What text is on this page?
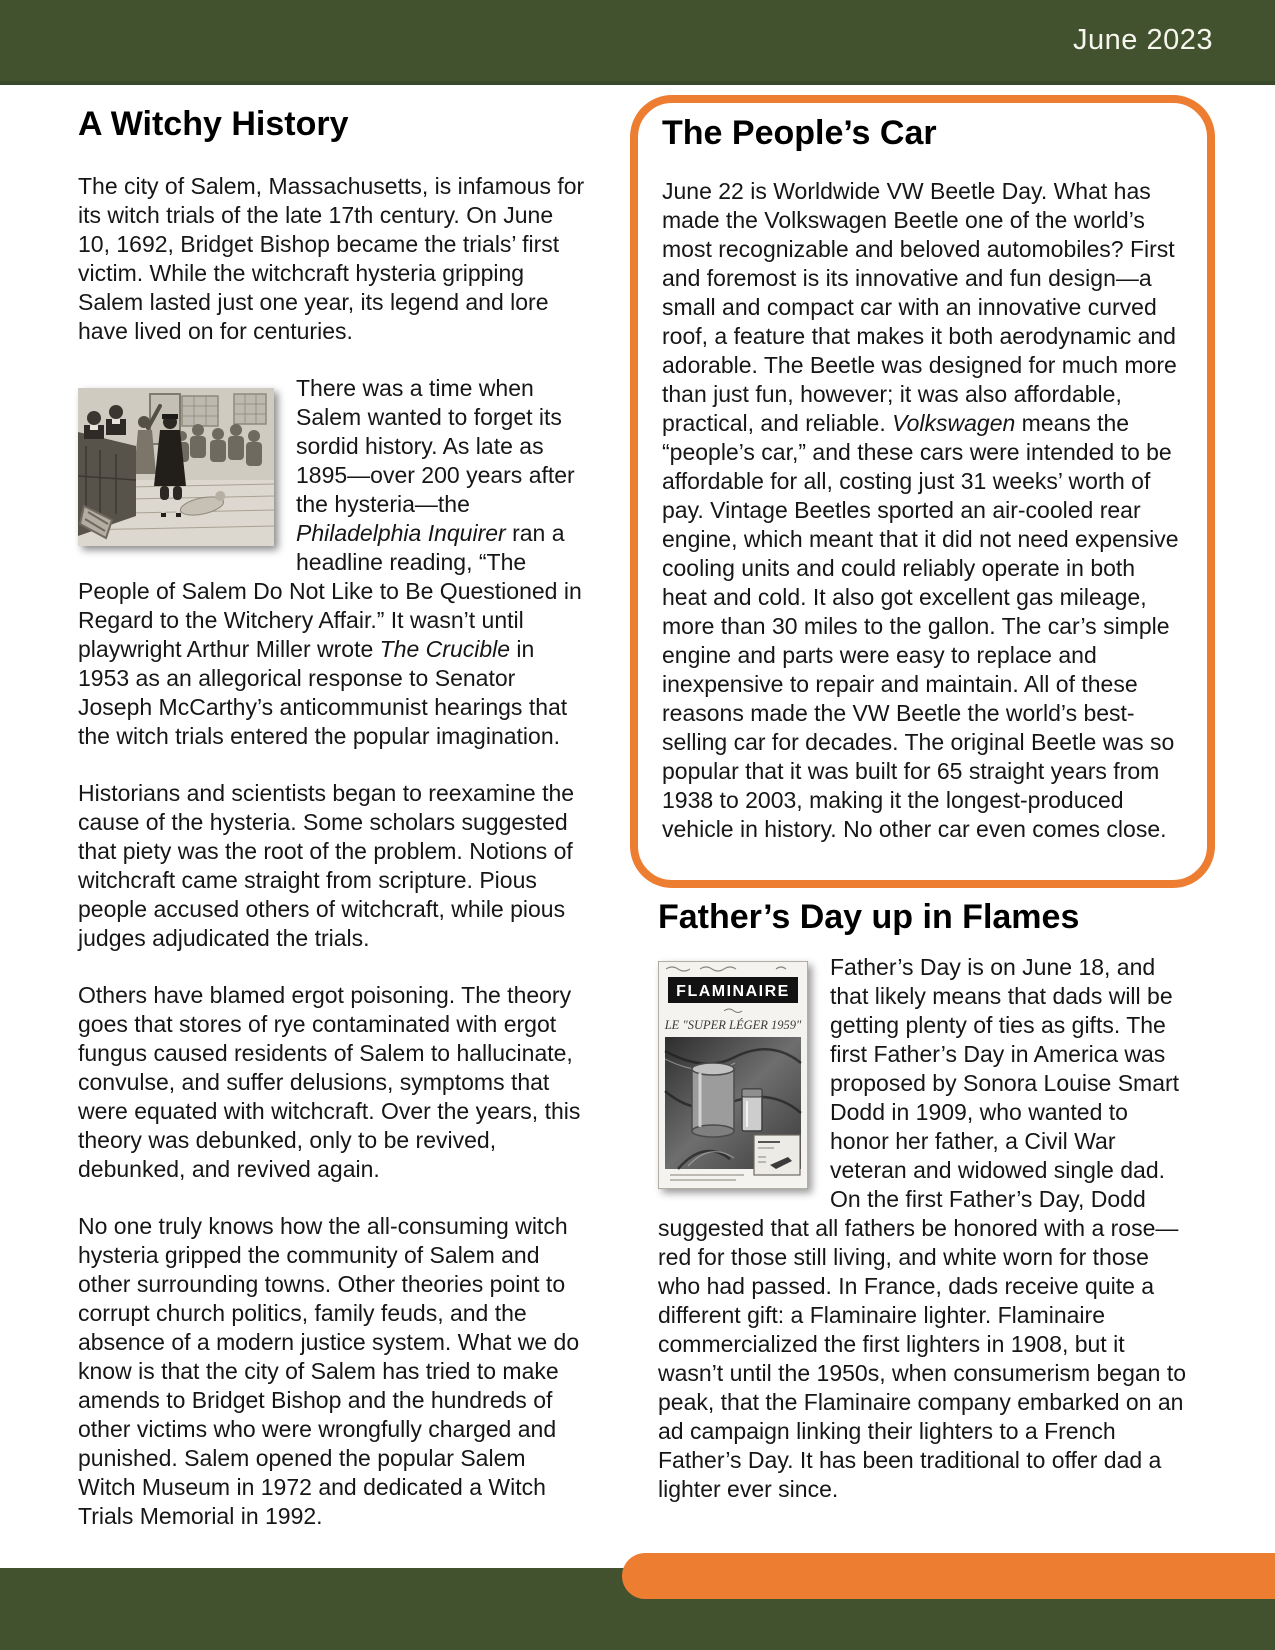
June 2023
A Witchy History

The city of Salem, Massachusetts, is infamous for its witch trials of the late 17th century. On June 10, 1692, Bridget Bishop became the trials’ first victim. While the witchcraft hysteria gripping Salem lasted just one year, its legend and lore have lived on for centuries.

There was a time when Salem wanted to forget its sordid history. As late as 1895—over 200 years after the hysteria—the Philadelphia Inquirer ran a headline reading, “The People of Salem Do Not Like to Be Questioned in Regard to the Witchery Affair.” It wasn’t until playwright Arthur Miller wrote The Crucible in 1953 as an allegorical response to Senator Joseph McCarthy’s anticommunist hearings that the witch trials entered the popular imagination.

Historians and scientists began to reexamine the cause of the hysteria. Some scholars suggested that piety was the root of the problem. Notions of witchcraft came straight from scripture. Pious people accused others of witchcraft, while pious judges adjudicated the trials.

Others have blamed ergot poisoning. The theory goes that stores of rye contaminated with ergot fungus caused residents of Salem to hallucinate, convulse, and suffer delusions, symptoms that were equated with witchcraft. Over the years, this theory was debunked, only to be revived, debunked, and revived again.

No one truly knows how the all-consuming witch hysteria gripped the community of Salem and other surrounding towns. Other theories point to corrupt church politics, family feuds, and the absence of a modern justice system. What we do know is that the city of Salem has tried to make amends to Bridget Bishop and the hundreds of other victims who were wrongfully charged and punished. Salem opened the popular Salem Witch Museum in 1972 and dedicated a Witch Trials Memorial in 1992.

The People’s Car

June 22 is Worldwide VW Beetle Day. What has made the Volkswagen Beetle one of the world’s most recognizable and beloved automobiles? First and foremost is its innovative and fun design—a small and compact car with an innovative curved roof, a feature that makes it both aerodynamic and adorable. The Beetle was designed for much more than just fun, however; it was also affordable, practical, and reliable. Volkswagen means the “people’s car,” and these cars were intended to be affordable for all, costing just 31 weeks’ worth of pay. Vintage Beetles sported an air-cooled rear engine, which meant that it did not need expensive cooling units and could reliably operate in both heat and cold. It also got excellent gas mileage, more than 30 miles to the gallon. The car’s simple engine and parts were easy to replace and inexpensive to repair and maintain. All of these reasons made the VW Beetle the world’s best-selling car for decades. The original Beetle was so popular that it was built for 65 straight years from 1938 to 2003, making it the longest-produced vehicle in history. No other car even comes close.

Father’s Day up in Flames
FLAMINAIRE
LE "SUPER LÉGER 1959"
Father’s Day is on June 18, and that likely means that dads will be getting plenty of ties as gifts. The first Father’s Day in America was proposed by Sonora Louise Smart Dodd in 1909, who wanted to honor her father, a Civil War veteran and widowed single dad. On the first Father’s Day, Dodd suggested that all fathers be honored with a rose—red for those still living, and white worn for those who had passed. In France, dads receive quite a different gift: a Flaminaire lighter. Flaminaire commercialized the first lighters in 1908, but it wasn’t until the 1950s, when consumerism began to peak, that the Flaminaire company embarked on an ad campaign linking their lighters to a French Father’s Day. It has been traditional to offer dad a lighter ever since.
